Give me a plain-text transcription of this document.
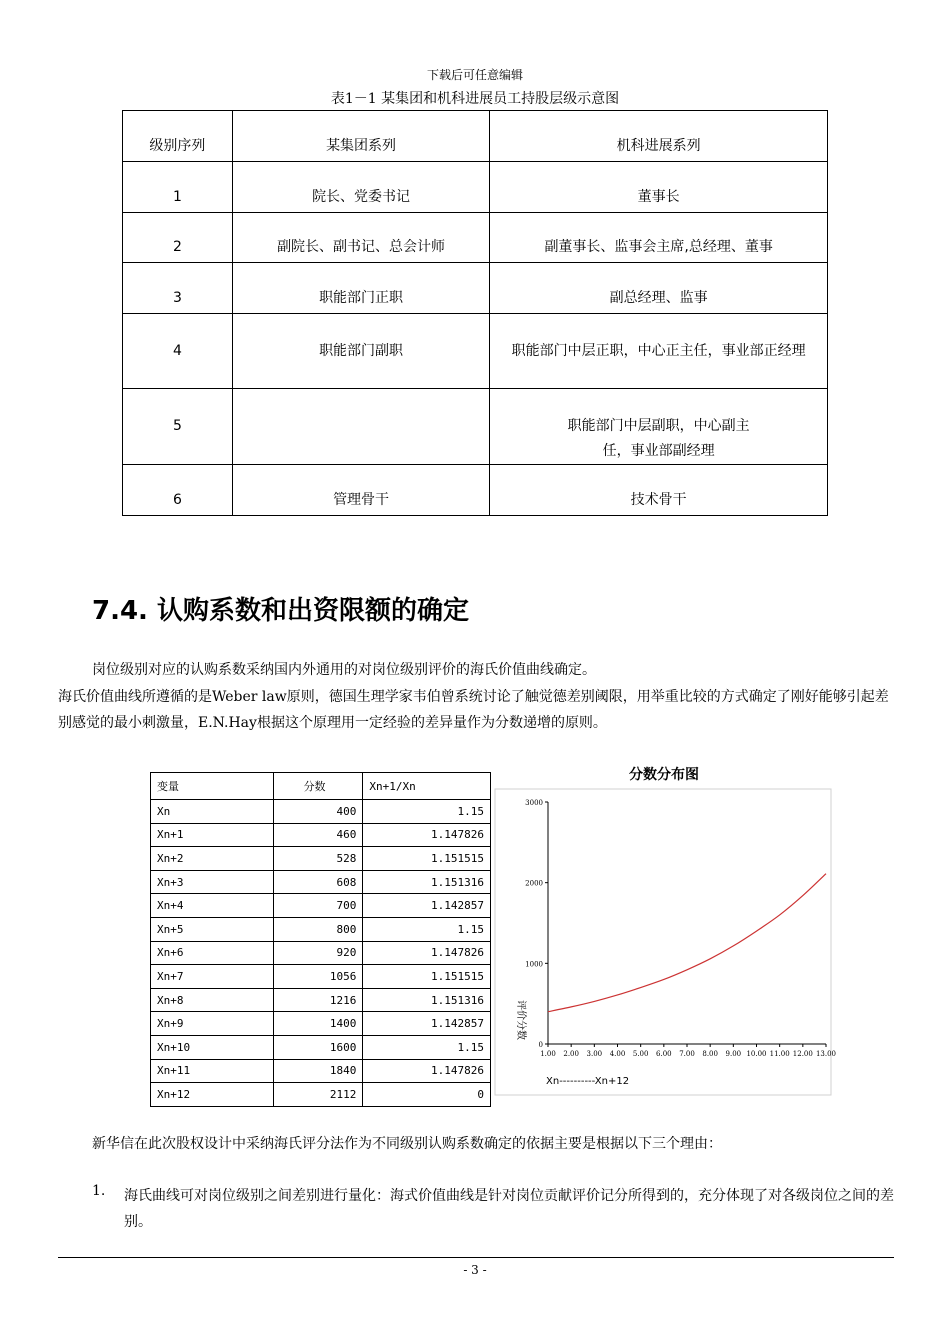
下载后可任意编辑
表1－1 某集团和机科进展员工持股层级示意图
级别序列	某集团系列	机科进展系列
1	院长、党委书记	董事长
2	副院长、副书记、总会计师	副董事长、监事会主席,总经理、董事
3	职能部门正职	副总经理、监事
4	职能部门副职	职能部门中层正职，中心正主任，事业部正经理
5		职能部门中层副职，中心副主任，事业部副经理
6	管理骨干	技术骨干
7.4. 认购系数和出资限额的确定
岗位级别对应的认购系数采纳国内外通用的对岗位级别评价的海氏价值曲线确定。
海氏价值曲线所遵循的是Weber law原则，德国生理学家韦伯曾系统讨论了触觉德差别阈限，用举重比较的方式确定了刚好能够引起差别感觉的最小刺激量，E.N.Hay根据这个原理用一定经验的差异量作为分数递增的原则。
变量	分数	Xn+1/Xn
Xn	400	1.15
Xn+1	460	1.147826
Xn+2	528	1.151515
Xn+3	608	1.151316
Xn+4	700	1.142857
Xn+5	800	1.15
Xn+6	920	1.147826
Xn+7	1056	1.151515
Xn+8	1216	1.151316
Xn+9	1400	1.142857
Xn+10	1600	1.15
Xn+11	1840	1.147826
Xn+12	2112	0
分数分布图
0
1000
2000
3000
1.00 2.00 3.00 4.00 5.00 6.00 7.00 8.00 9.00 10.00 11.00 12.00 13.00
评价分数
Xn----------Xn+12
新华信在此次股权设计中采纳海氏评分法作为不同级别认购系数确定的依据主要是根据以下三个理由：
1. 海氏曲线可对岗位级别之间差别进行量化：海式价值曲线是针对岗位贡献评价记分所得到的，充分体现了对各级岗位之间的差别。
- 3 -
